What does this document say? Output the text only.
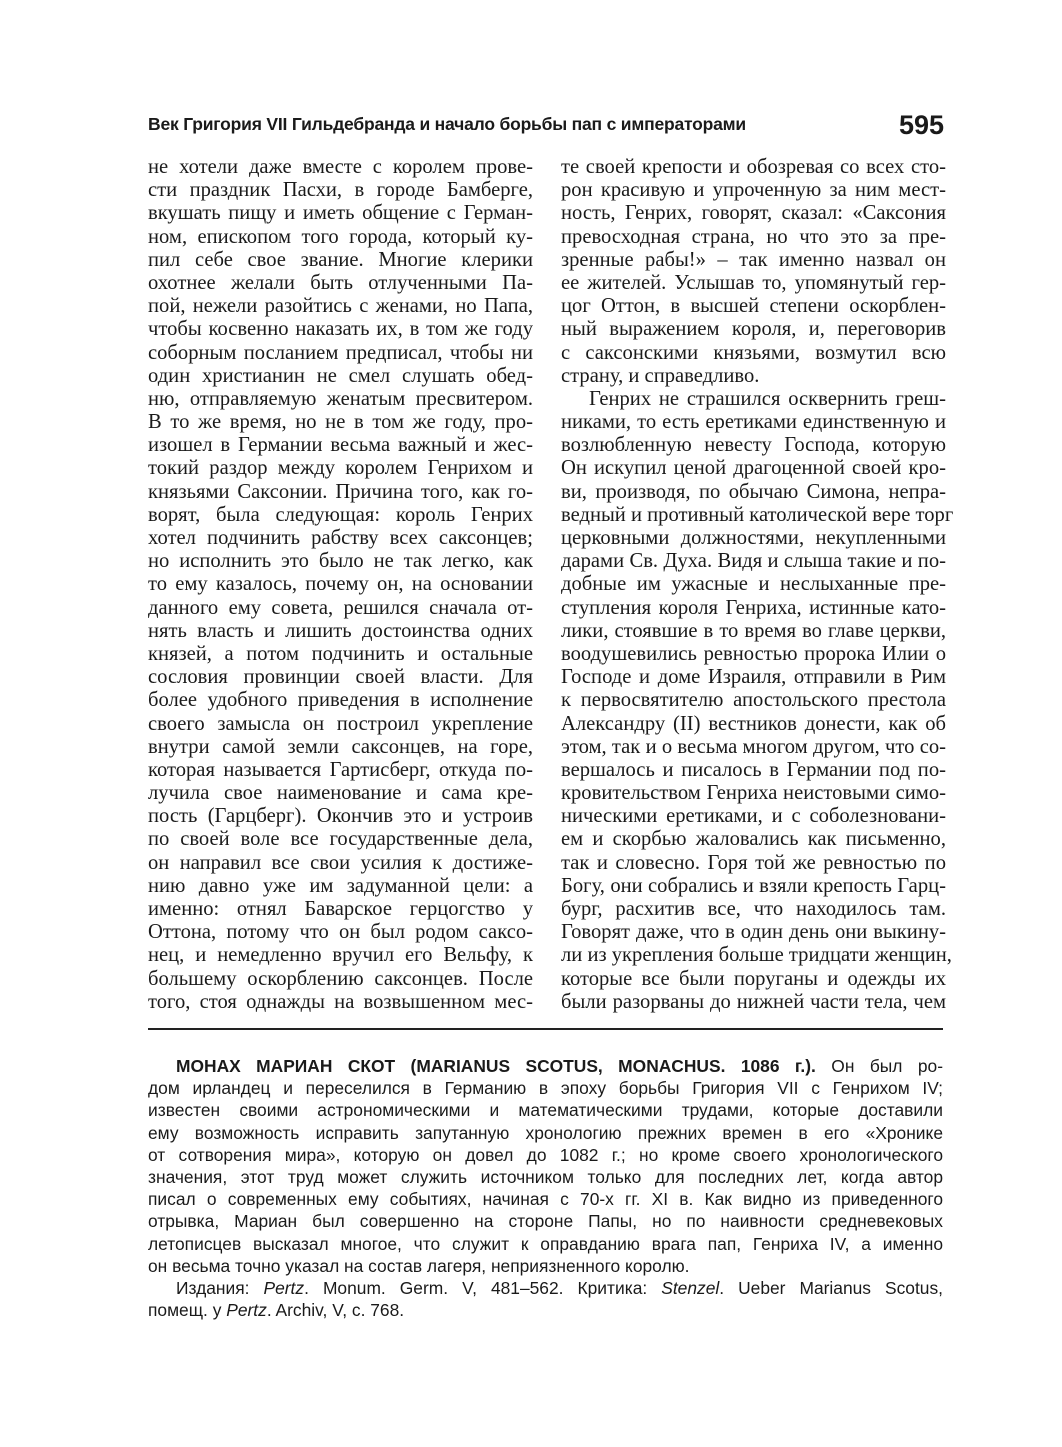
Век Григория VII Гильдебранда и начало борьбы пап с императорами	595
не хотели даже вместе с королем прове-
сти праздник Пасхи, в городе Бамберге,
вкушать пищу и иметь общение с Герман-
ном, епископом того города, который ку-
пил себе свое звание. Многие клерики
охотнее желали быть отлученными Па-
пой, нежели разойтись с женами, но Папа,
чтобы косвенно наказать их, в том же году
соборным посланием предписал, чтобы ни
один христианин не смел слушать обед-
ню, отправляемую женатым пресвитером.
В то же время, но не в том же году, про-
изошел в Германии весьма важный и жес-
токий раздор между королем Генрихом и
князьями Саксонии. Причина того, как го-
ворят, была следующая: король Генрих
хотел подчинить рабству всех саксонцев;
но исполнить это было не так легко, как
то ему казалось, почему он, на основании
данного ему совета, решился сначала от-
нять власть и лишить достоинства одних
князей, а потом подчинить и остальные
сословия провинции своей власти. Для
более удобного приведения в исполнение
своего замысла он построил укрепление
внутри самой земли саксонцев, на горе,
которая называется Гартисберг, откуда по-
лучила свое наименование и сама кре-
пость (Гарцберг). Окончив это и устроив
по своей воле все государственные дела,
он направил все свои усилия к достиже-
нию давно уже им задуманной цели: а
именно: отнял Баварское герцогство у
Оттона, потому что он был родом саксо-
нец, и немедленно вручил его Вельфу, к
большему оскорблению саксонцев. После
того, стоя однажды на возвышенном мес-
те своей крепости и обозревая со всех сто-
рон красивую и упроченную за ним мест-
ность, Генрих, говорят, сказал: «Саксония
превосходная страна, но что это за пре-
зренные рабы!» – так именно назвал он
ее жителей. Услышав то, упомянутый гер-
цог Оттон, в высшей степени оскорблен-
ный выражением короля, и, переговорив
с саксонскими князьями, возмутил всю
страну, и справедливо.
Генрих не страшился осквернить греш-
никами, то есть еретиками единственную и
возлюбленную невесту Господа, которую
Он искупил ценой драгоценной своей кро-
ви, производя, по обычаю Симона, непра-
ведный и противный католической вере торг
церковными должностями, некупленными
дарами Св. Духа. Видя и слыша такие и по-
добные им ужасные и неслыханные пре-
ступления короля Генриха, истинные като-
лики, стоявшие в то время во главе церкви,
воодушевились ревностью пророка Илии о
Господе и доме Израиля, отправили в Рим
к первосвятителю апостольского престола
Александру (II) вестников донести, как об
этом, так и о весьма многом другом, что со-
вершалось и писалось в Германии под по-
кровительством Генриха неистовыми симо-
ническими еретиками, и с соболезновани-
ем и скорбью жаловались как письменно,
так и словесно. Горя той же ревностью по
Богу, они собрались и взяли крепость Гарц-
бург, расхитив все, что находилось там.
Говорят даже, что в один день они выкину-
ли из укрепления больше тридцати женщин,
которые все были поруганы и одежды их
были разорваны до нижней части тела, чем
МОНАХ МАРИАН СКОТ (MARIANUS SCOTUS, MONACHUS. 1086 г.). Он был ро-
дом ирландец и переселился в Германию в эпоху борьбы Григория VII с Генрихом IV;
известен своими астрономическими и математическими трудами, которые доставили
ему возможность исправить запутанную хронологию прежних времен в его «Хронике
от сотворения мира», которую он довел до 1082 г.; но кроме своего хронологического
значения, этот труд может служить источником только для последних лет, когда автор
писал о современных ему событиях, начиная с 70-х гг. XI в. Как видно из приведенного
отрывка, Мариан был совершенно на стороне Папы, но по наивности средневековых
летописцев высказал многое, что служит к оправданию врага пап, Генриха IV, а именно
он весьма точно указал на состав лагеря, неприязненного королю.
Издания: Pertz. Monum. Germ. V, 481–562. Критика: Stenzel. Ueber Marianus Scotus,
помещ. у Pertz. Archiv, V, с. 768.
